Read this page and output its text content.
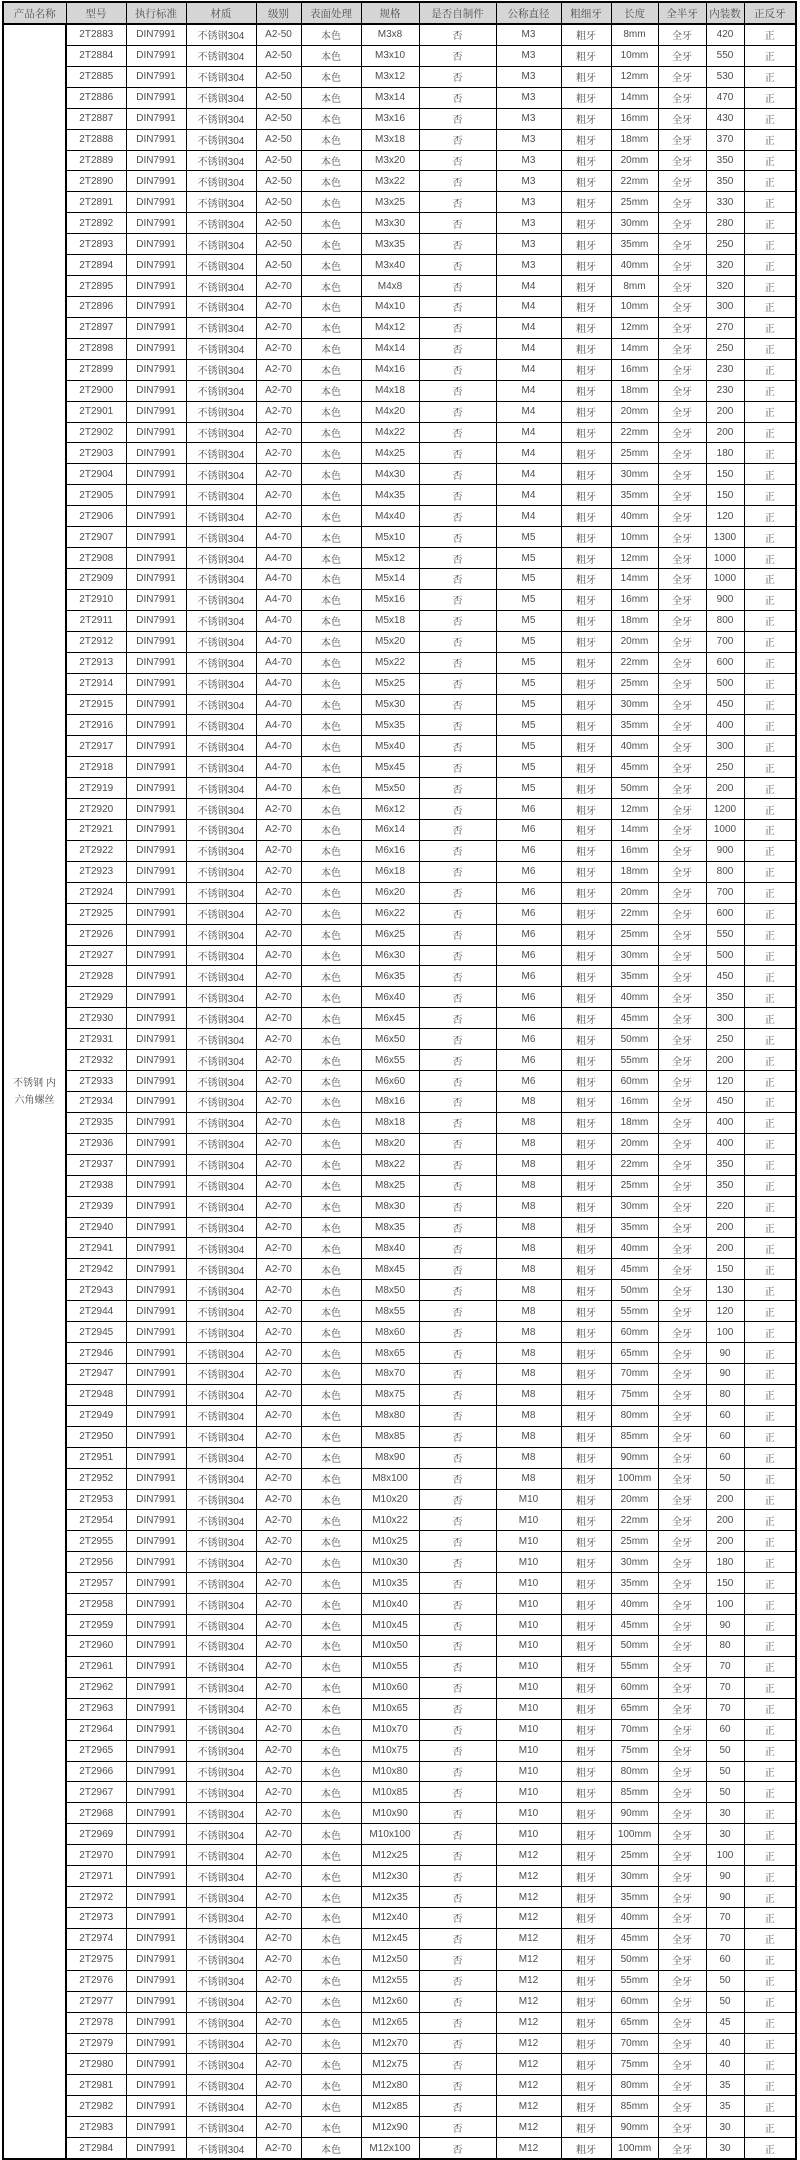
产品名称	型号	执行标准	材质	级别	表面处理	规格	是否自制件	公称直径	粗细牙	长度	全半牙	内装数	正反牙
不锈钢 内六角螺丝	2T2883	DIN7991	不锈钢304	A2-50	本色	M3x8	否	M3	粗牙	8mm	全牙	420	正
	2T2884	DIN7991	不锈钢304	A2-50	本色	M3x10	否	M3	粗牙	10mm	全牙	550	正
	2T2885	DIN7991	不锈钢304	A2-50	本色	M3x12	否	M3	粗牙	12mm	全牙	530	正
	2T2886	DIN7991	不锈钢304	A2-50	本色	M3x14	否	M3	粗牙	14mm	全牙	470	正
	2T2887	DIN7991	不锈钢304	A2-50	本色	M3x16	否	M3	粗牙	16mm	全牙	430	正
	2T2888	DIN7991	不锈钢304	A2-50	本色	M3x18	否	M3	粗牙	18mm	全牙	370	正
	2T2889	DIN7991	不锈钢304	A2-50	本色	M3x20	否	M3	粗牙	20mm	全牙	350	正
	2T2890	DIN7991	不锈钢304	A2-50	本色	M3x22	否	M3	粗牙	22mm	全牙	350	正
	2T2891	DIN7991	不锈钢304	A2-50	本色	M3x25	否	M3	粗牙	25mm	全牙	330	正
	2T2892	DIN7991	不锈钢304	A2-50	本色	M3x30	否	M3	粗牙	30mm	全牙	280	正
	2T2893	DIN7991	不锈钢304	A2-50	本色	M3x35	否	M3	粗牙	35mm	全牙	250	正
	2T2894	DIN7991	不锈钢304	A2-50	本色	M3x40	否	M3	粗牙	40mm	全牙	320	正
	2T2895	DIN7991	不锈钢304	A2-70	本色	M4x8	否	M4	粗牙	8mm	全牙	320	正
	2T2896	DIN7991	不锈钢304	A2-70	本色	M4x10	否	M4	粗牙	10mm	全牙	300	正
	2T2897	DIN7991	不锈钢304	A2-70	本色	M4x12	否	M4	粗牙	12mm	全牙	270	正
	2T2898	DIN7991	不锈钢304	A2-70	本色	M4x14	否	M4	粗牙	14mm	全牙	250	正
	2T2899	DIN7991	不锈钢304	A2-70	本色	M4x16	否	M4	粗牙	16mm	全牙	230	正
	2T2900	DIN7991	不锈钢304	A2-70	本色	M4x18	否	M4	粗牙	18mm	全牙	230	正
	2T2901	DIN7991	不锈钢304	A2-70	本色	M4x20	否	M4	粗牙	20mm	全牙	200	正
	2T2902	DIN7991	不锈钢304	A2-70	本色	M4x22	否	M4	粗牙	22mm	全牙	200	正
	2T2903	DIN7991	不锈钢304	A2-70	本色	M4x25	否	M4	粗牙	25mm	全牙	180	正
	2T2904	DIN7991	不锈钢304	A2-70	本色	M4x30	否	M4	粗牙	30mm	全牙	150	正
	2T2905	DIN7991	不锈钢304	A2-70	本色	M4x35	否	M4	粗牙	35mm	全牙	150	正
	2T2906	DIN7991	不锈钢304	A2-70	本色	M4x40	否	M4	粗牙	40mm	全牙	120	正
	2T2907	DIN7991	不锈钢304	A4-70	本色	M5x10	否	M5	粗牙	10mm	全牙	1300	正
	2T2908	DIN7991	不锈钢304	A4-70	本色	M5x12	否	M5	粗牙	12mm	全牙	1000	正
	2T2909	DIN7991	不锈钢304	A4-70	本色	M5x14	否	M5	粗牙	14mm	全牙	1000	正
	2T2910	DIN7991	不锈钢304	A4-70	本色	M5x16	否	M5	粗牙	16mm	全牙	900	正
	2T2911	DIN7991	不锈钢304	A4-70	本色	M5x18	否	M5	粗牙	18mm	全牙	800	正
	2T2912	DIN7991	不锈钢304	A4-70	本色	M5x20	否	M5	粗牙	20mm	全牙	700	正
	2T2913	DIN7991	不锈钢304	A4-70	本色	M5x22	否	M5	粗牙	22mm	全牙	600	正
	2T2914	DIN7991	不锈钢304	A4-70	本色	M5x25	否	M5	粗牙	25mm	全牙	500	正
	2T2915	DIN7991	不锈钢304	A4-70	本色	M5x30	否	M5	粗牙	30mm	全牙	450	正
	2T2916	DIN7991	不锈钢304	A4-70	本色	M5x35	否	M5	粗牙	35mm	全牙	400	正
	2T2917	DIN7991	不锈钢304	A4-70	本色	M5x40	否	M5	粗牙	40mm	全牙	300	正
	2T2918	DIN7991	不锈钢304	A4-70	本色	M5x45	否	M5	粗牙	45mm	全牙	250	正
	2T2919	DIN7991	不锈钢304	A4-70	本色	M5x50	否	M5	粗牙	50mm	全牙	200	正
	2T2920	DIN7991	不锈钢304	A2-70	本色	M6x12	否	M6	粗牙	12mm	全牙	1200	正
	2T2921	DIN7991	不锈钢304	A2-70	本色	M6x14	否	M6	粗牙	14mm	全牙	1000	正
	2T2922	DIN7991	不锈钢304	A2-70	本色	M6x16	否	M6	粗牙	16mm	全牙	900	正
	2T2923	DIN7991	不锈钢304	A2-70	本色	M6x18	否	M6	粗牙	18mm	全牙	800	正
	2T2924	DIN7991	不锈钢304	A2-70	本色	M6x20	否	M6	粗牙	20mm	全牙	700	正
	2T2925	DIN7991	不锈钢304	A2-70	本色	M6x22	否	M6	粗牙	22mm	全牙	600	正
	2T2926	DIN7991	不锈钢304	A2-70	本色	M6x25	否	M6	粗牙	25mm	全牙	550	正
	2T2927	DIN7991	不锈钢304	A2-70	本色	M6x30	否	M6	粗牙	30mm	全牙	500	正
	2T2928	DIN7991	不锈钢304	A2-70	本色	M6x35	否	M6	粗牙	35mm	全牙	450	正
	2T2929	DIN7991	不锈钢304	A2-70	本色	M6x40	否	M6	粗牙	40mm	全牙	350	正
	2T2930	DIN7991	不锈钢304	A2-70	本色	M6x45	否	M6	粗牙	45mm	全牙	300	正
	2T2931	DIN7991	不锈钢304	A2-70	本色	M6x50	否	M6	粗牙	50mm	全牙	250	正
	2T2932	DIN7991	不锈钢304	A2-70	本色	M6x55	否	M6	粗牙	55mm	全牙	200	正
	2T2933	DIN7991	不锈钢304	A2-70	本色	M6x60	否	M6	粗牙	60mm	全牙	120	正
	2T2934	DIN7991	不锈钢304	A2-70	本色	M8x16	否	M8	粗牙	16mm	全牙	450	正
	2T2935	DIN7991	不锈钢304	A2-70	本色	M8x18	否	M8	粗牙	18mm	全牙	400	正
	2T2936	DIN7991	不锈钢304	A2-70	本色	M8x20	否	M8	粗牙	20mm	全牙	400	正
	2T2937	DIN7991	不锈钢304	A2-70	本色	M8x22	否	M8	粗牙	22mm	全牙	350	正
	2T2938	DIN7991	不锈钢304	A2-70	本色	M8x25	否	M8	粗牙	25mm	全牙	350	正
	2T2939	DIN7991	不锈钢304	A2-70	本色	M8x30	否	M8	粗牙	30mm	全牙	220	正
	2T2940	DIN7991	不锈钢304	A2-70	本色	M8x35	否	M8	粗牙	35mm	全牙	200	正
	2T2941	DIN7991	不锈钢304	A2-70	本色	M8x40	否	M8	粗牙	40mm	全牙	200	正
	2T2942	DIN7991	不锈钢304	A2-70	本色	M8x45	否	M8	粗牙	45mm	全牙	150	正
	2T2943	DIN7991	不锈钢304	A2-70	本色	M8x50	否	M8	粗牙	50mm	全牙	130	正
	2T2944	DIN7991	不锈钢304	A2-70	本色	M8x55	否	M8	粗牙	55mm	全牙	120	正
	2T2945	DIN7991	不锈钢304	A2-70	本色	M8x60	否	M8	粗牙	60mm	全牙	100	正
	2T2946	DIN7991	不锈钢304	A2-70	本色	M8x65	否	M8	粗牙	65mm	全牙	90	正
	2T2947	DIN7991	不锈钢304	A2-70	本色	M8x70	否	M8	粗牙	70mm	全牙	90	正
	2T2948	DIN7991	不锈钢304	A2-70	本色	M8x75	否	M8	粗牙	75mm	全牙	80	正
	2T2949	DIN7991	不锈钢304	A2-70	本色	M8x80	否	M8	粗牙	80mm	全牙	60	正
	2T2950	DIN7991	不锈钢304	A2-70	本色	M8x85	否	M8	粗牙	85mm	全牙	60	正
	2T2951	DIN7991	不锈钢304	A2-70	本色	M8x90	否	M8	粗牙	90mm	全牙	60	正
	2T2952	DIN7991	不锈钢304	A2-70	本色	M8x100	否	M8	粗牙	100mm	全牙	50	正
	2T2953	DIN7991	不锈钢304	A2-70	本色	M10x20	否	M10	粗牙	20mm	全牙	200	正
	2T2954	DIN7991	不锈钢304	A2-70	本色	M10x22	否	M10	粗牙	22mm	全牙	200	正
	2T2955	DIN7991	不锈钢304	A2-70	本色	M10x25	否	M10	粗牙	25mm	全牙	200	正
	2T2956	DIN7991	不锈钢304	A2-70	本色	M10x30	否	M10	粗牙	30mm	全牙	180	正
	2T2957	DIN7991	不锈钢304	A2-70	本色	M10x35	否	M10	粗牙	35mm	全牙	150	正
	2T2958	DIN7991	不锈钢304	A2-70	本色	M10x40	否	M10	粗牙	40mm	全牙	100	正
	2T2959	DIN7991	不锈钢304	A2-70	本色	M10x45	否	M10	粗牙	45mm	全牙	90	正
	2T2960	DIN7991	不锈钢304	A2-70	本色	M10x50	否	M10	粗牙	50mm	全牙	80	正
	2T2961	DIN7991	不锈钢304	A2-70	本色	M10x55	否	M10	粗牙	55mm	全牙	70	正
	2T2962	DIN7991	不锈钢304	A2-70	本色	M10x60	否	M10	粗牙	60mm	全牙	70	正
	2T2963	DIN7991	不锈钢304	A2-70	本色	M10x65	否	M10	粗牙	65mm	全牙	70	正
	2T2964	DIN7991	不锈钢304	A2-70	本色	M10x70	否	M10	粗牙	70mm	全牙	60	正
	2T2965	DIN7991	不锈钢304	A2-70	本色	M10x75	否	M10	粗牙	75mm	全牙	50	正
	2T2966	DIN7991	不锈钢304	A2-70	本色	M10x80	否	M10	粗牙	80mm	全牙	50	正
	2T2967	DIN7991	不锈钢304	A2-70	本色	M10x85	否	M10	粗牙	85mm	全牙	50	正
	2T2968	DIN7991	不锈钢304	A2-70	本色	M10x90	否	M10	粗牙	90mm	全牙	30	正
	2T2969	DIN7991	不锈钢304	A2-70	本色	M10x100	否	M10	粗牙	100mm	全牙	30	正
	2T2970	DIN7991	不锈钢304	A2-70	本色	M12x25	否	M12	粗牙	25mm	全牙	100	正
	2T2971	DIN7991	不锈钢304	A2-70	本色	M12x30	否	M12	粗牙	30mm	全牙	90	正
	2T2972	DIN7991	不锈钢304	A2-70	本色	M12x35	否	M12	粗牙	35mm	全牙	90	正
	2T2973	DIN7991	不锈钢304	A2-70	本色	M12x40	否	M12	粗牙	40mm	全牙	70	正
	2T2974	DIN7991	不锈钢304	A2-70	本色	M12x45	否	M12	粗牙	45mm	全牙	70	正
	2T2975	DIN7991	不锈钢304	A2-70	本色	M12x50	否	M12	粗牙	50mm	全牙	60	正
	2T2976	DIN7991	不锈钢304	A2-70	本色	M12x55	否	M12	粗牙	55mm	全牙	50	正
	2T2977	DIN7991	不锈钢304	A2-70	本色	M12x60	否	M12	粗牙	60mm	全牙	50	正
	2T2978	DIN7991	不锈钢304	A2-70	本色	M12x65	否	M12	粗牙	65mm	全牙	45	正
	2T2979	DIN7991	不锈钢304	A2-70	本色	M12x70	否	M12	粗牙	70mm	全牙	40	正
	2T2980	DIN7991	不锈钢304	A2-70	本色	M12x75	否	M12	粗牙	75mm	全牙	40	正
	2T2981	DIN7991	不锈钢304	A2-70	本色	M12x80	否	M12	粗牙	80mm	全牙	35	正
	2T2982	DIN7991	不锈钢304	A2-70	本色	M12x85	否	M12	粗牙	85mm	全牙	35	正
	2T2983	DIN7991	不锈钢304	A2-70	本色	M12x90	否	M12	粗牙	90mm	全牙	30	正
	2T2984	DIN7991	不锈钢304	A2-70	本色	M12x100	否	M12	粗牙	100mm	全牙	30	正
